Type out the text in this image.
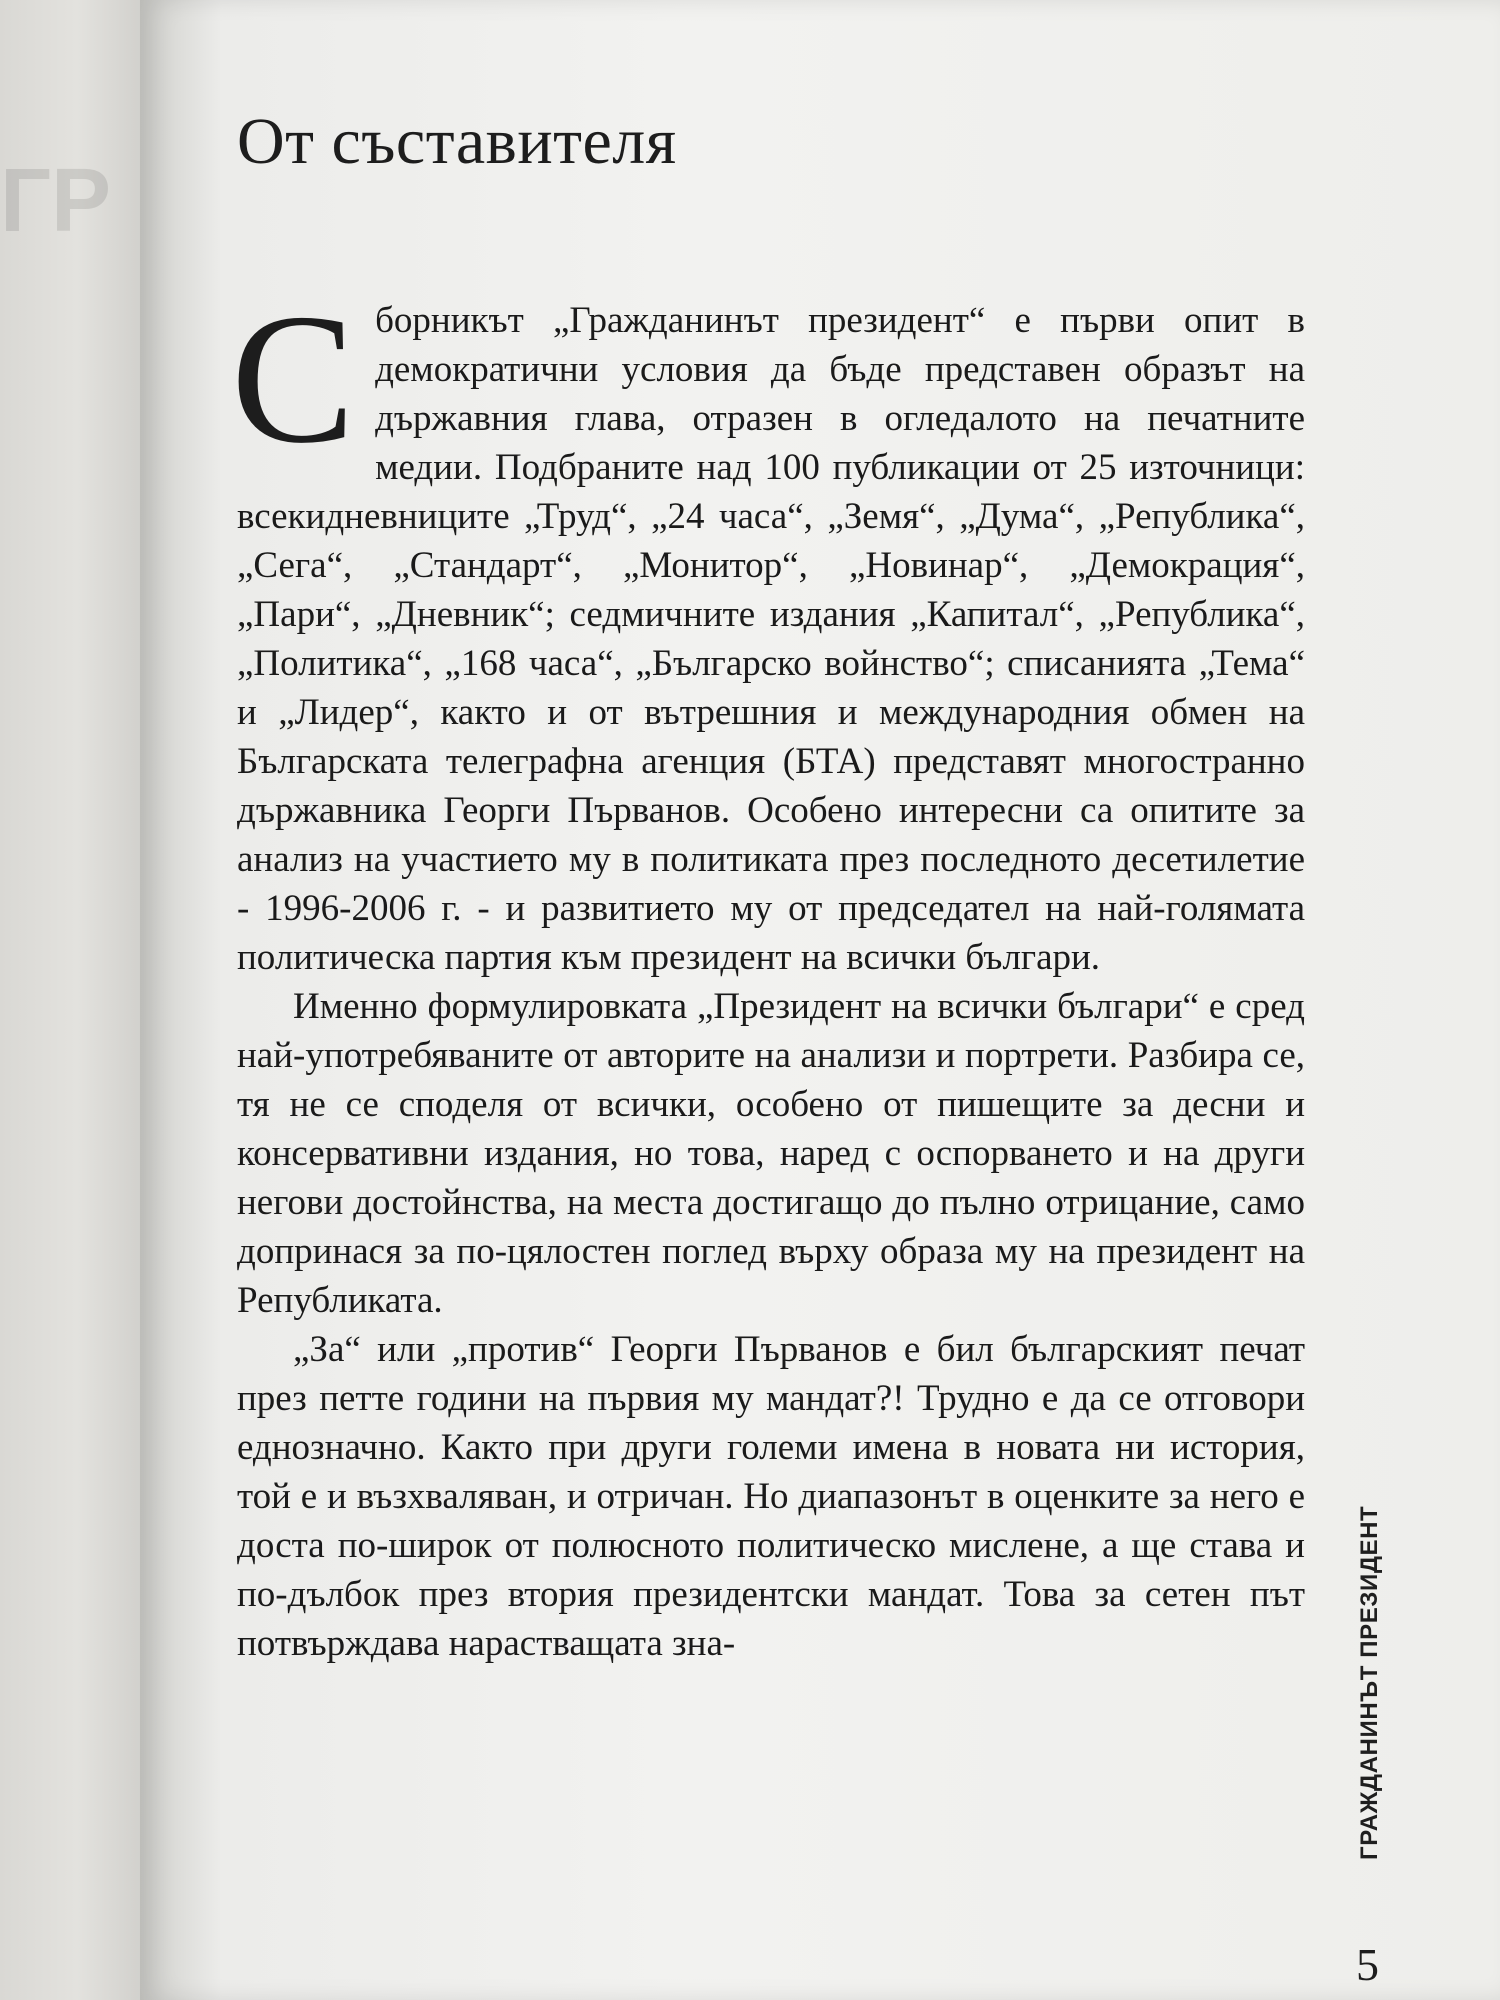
ГР
От съставителя

Сборникът „Гражданинът президент“ е първи опит в демократични условия да бъде представен образът на държавния глава, отразен в огледалото на печатните медии. Подбраните над 100 публикации от 25 източници: всекидневниците „Труд“, „24 часа“, „Земя“, „Дума“, „Република“, „Сега“, „Стандарт“, „Монитор“, „Новинар“, „Демокрация“, „Пари“, „Дневник“; седмичните издания „Капитал“, „Република“, „Политика“, „168 часа“, „Българско войнство“; списанията „Тема“ и „Лидер“, както и от вътрешния и международния обмен на Българската телеграфна агенция (БТА) представят многостранно държавника Георги Първанов. Особено интересни са опитите за анализ на участието му в политиката през последното десетилетие - 1996-2006 г. - и развитието му от председател на най-голямата политическа партия към президент на всички българи.

Именно формулировката „Президент на всички българи“ е сред най-употребяваните от авторите на анализи и портрети. Разбира се, тя не се споделя от всички, особено от пишещите за десни и консервативни издания, но това, наред с оспорването и на други негови достойнства, на места достигащо до пълно отрицание, само допринася за по-цялостен поглед върху образа му на президент на Републиката.

„За“ или „против“ Георги Първанов е бил българският печат през петте години на първия му мандат?! Трудно е да се отговори еднозначно. Както при други големи имена в новата ни история, той е и възхваляван, и отричан. Но диапазонът в оценките за него е доста по-широк от полюсното политическо мислене, а ще става и по-дълбок през втория президентски мандат. Това за сетен път потвърждава нарастващата зна-	ГРАЖДАНИНЪТ ПРЕЗИДЕНТ
5
